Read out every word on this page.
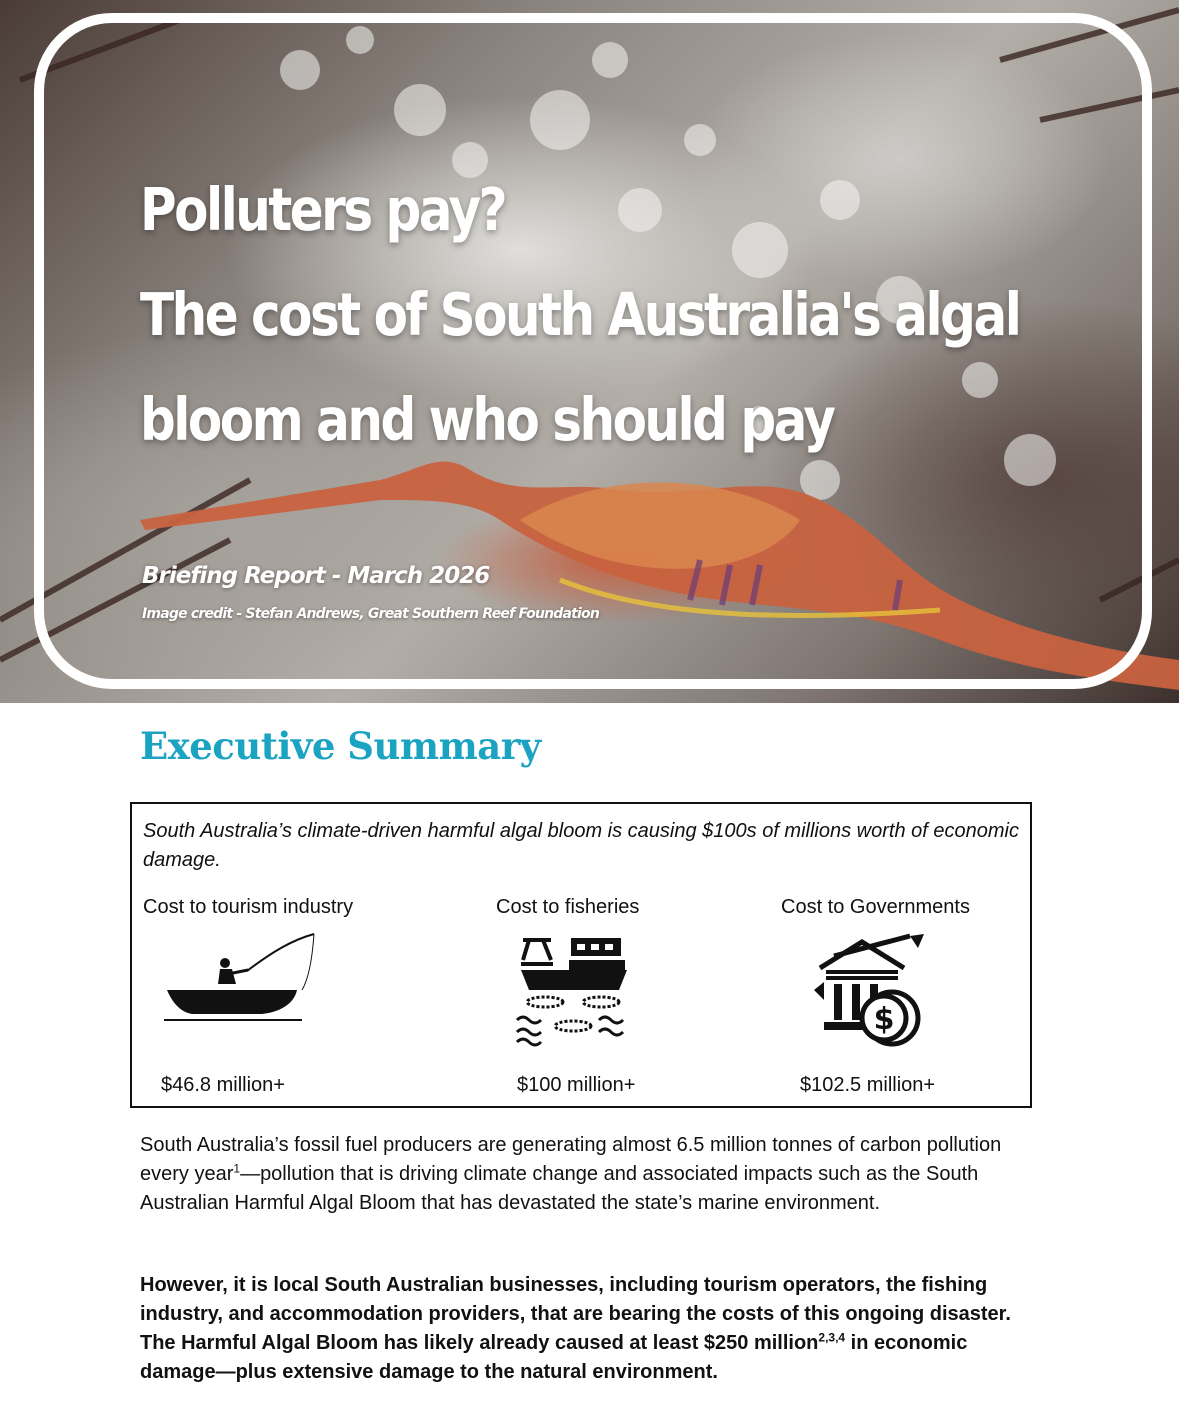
Polluters pay?
The cost of South Australia's algal
bloom and who should pay
Briefing Report - March 2026
Image credit - Stefan Andrews, Great Southern Reef Foundation
Executive Summary

South Australia’s climate-driven harmful algal bloom is causing $100s of millions worth of economic damage.

Cost to tourism industry
$46.8 million+
Cost to fisheries
$100 million+
Cost to Governments
$
$102.5 million+

South Australia’s fossil fuel producers are generating almost 6.5 million tonnes of carbon pollution every year$^1$—pollution that is driving climate change and associated impacts such as the South Australian Harmful Algal Bloom that has devastated the state’s marine environment.

However, it is local South Australian businesses, including tourism operators, the fishing industry, and accommodation providers, that are bearing the costs of this ongoing disaster. The Harmful Algal Bloom has likely already caused at least $250 million$^{2,3,4}$ in economic damage—plus extensive damage to the natural environment.
